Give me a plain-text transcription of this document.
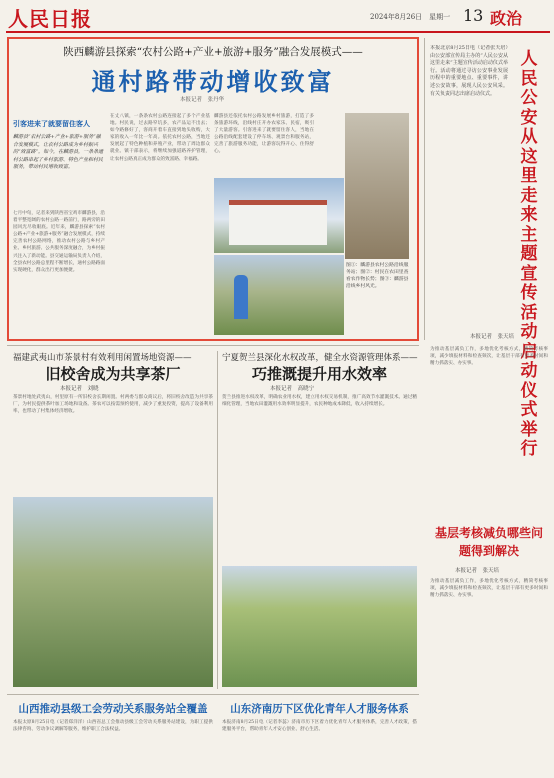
人民日报	2024年8月26日　星期一 13 政治
陕西麟游县探索“农村公路+产业+旅游+服务”融合发展模式——
通村路带动增收致富
本报记者　张丹华
引客进来了就要留住客人
麟游县“农村公路+产业+旅游+服务”融合发展模式，让农村公路成为乡村振兴的“致富路”。如今，在麟游县，一条条通村公路串起了乡村旅游、特色产业和村民服务，带动村民增收致富。
七月中旬，记者来到陕西省宝鸡市麟游县，沿着平整宽阔的农村公路一路前行，路两旁的田园风光尽收眼底。近年来，麟游县探索“农村公路+产业+旅游+服务”融合发展模式，持续完善农村公路网络，推动农村公路与乡村产业、乡村旅游、公共服务深度融合，为乡村振兴注入了新动能。县交通运输局负责人介绍，全县农村公路总里程不断增长，通村公路路面实现硬化，群众出行更加便捷。
在丈八镇，一条条农村公路连接起了多个产业基地。村民说，过去路窄坑多，农产品运不出去；如今路修好了，客商开着车直接到地头收购，大家的收入一年比一年高。依托农村公路，当地还发展起了特色种植和养殖产业，带动了周边群众就业。镇干部表示，将继续加强道路养护管理，让农村公路真正成为群众的致富路、幸福路。
麟游县还依托农村公路发展乡村旅游，打造了多条旅游环线，沿线村庄开办农家乐、民宿，吸引了大量游客。引客进来了就要留住客人，当地在公路沿线配套建设了停车场、观景台和服务站，完善了旅游服务功能，让游客玩得开心、住得舒心。
图①：麟游县农村公路沿线服务站；图②：村民在农田里查看农作物长势；图③：麟游县沿线乡村风光。
本报北京8月25日电（记者张天培）由公安部宣传局主办的“人民公安从这里走来”主题宣传活动启动仪式举行。活动将通过寻访公安事业发展历程中的重要地点、重要事件，讲述公安故事，展现人民公安风采。有关负责同志出席启动仪式。
人民公安从这里走来主题宣传活动启动仪式举行
本报记者　张天培
为推动基层减负工作，多地优化考核方式，精简考核事项，减少填报材料和检查频次，让基层干部有更多时间和精力抓落实、办实事。
基层考核减负哪些问题得到解决
本报记者　张天培
为推动基层减负工作，多地优化考核方式，精简考核事项，减少填报材料和检查频次，让基层干部有更多时间和精力抓落实、办实事。
福建武夷山市茶景村有效利用闲置场地资源——
旧校舍成为共享茶厂
本报记者　刘晓
茶景村地处武夷山，村里原有一所旧校舍长期闲置。村两委与群众商议后，将旧校舍改造为共享茶厂，为村民提供茶叶加工场地和设备。茶农可以按需预约使用，减少了重复投资，提高了设备利用率，也带动了村集体经济增收。
宁夏贺兰县深化水权改革，健全水资源管理体系——
巧推溉提升用水效率
本报记者　高晓宁
贺兰县推进水权改革，明确农业用水权，建立用水权交易机制，推广高效节水灌溉技术。通过精细化管理，当地农田灌溉用水效率明显提升，农民种地成本降低，收入持续增长。
山西推动县级工会劳动关系服务站全覆盖
本报太原8月25日电（记者郑洋洋）山西省总工会推动县级工会劳动关系服务站建设，为职工提供法律咨询、劳动争议调解等服务，维护职工合法权益。
山东济南历下区优化青年人才服务体系
本报济南8月25日电（记者李蕊）济南市历下区着力优化青年人才服务体系，完善人才政策，搭建服务平台，帮助青年人才安心创业、舒心生活。
